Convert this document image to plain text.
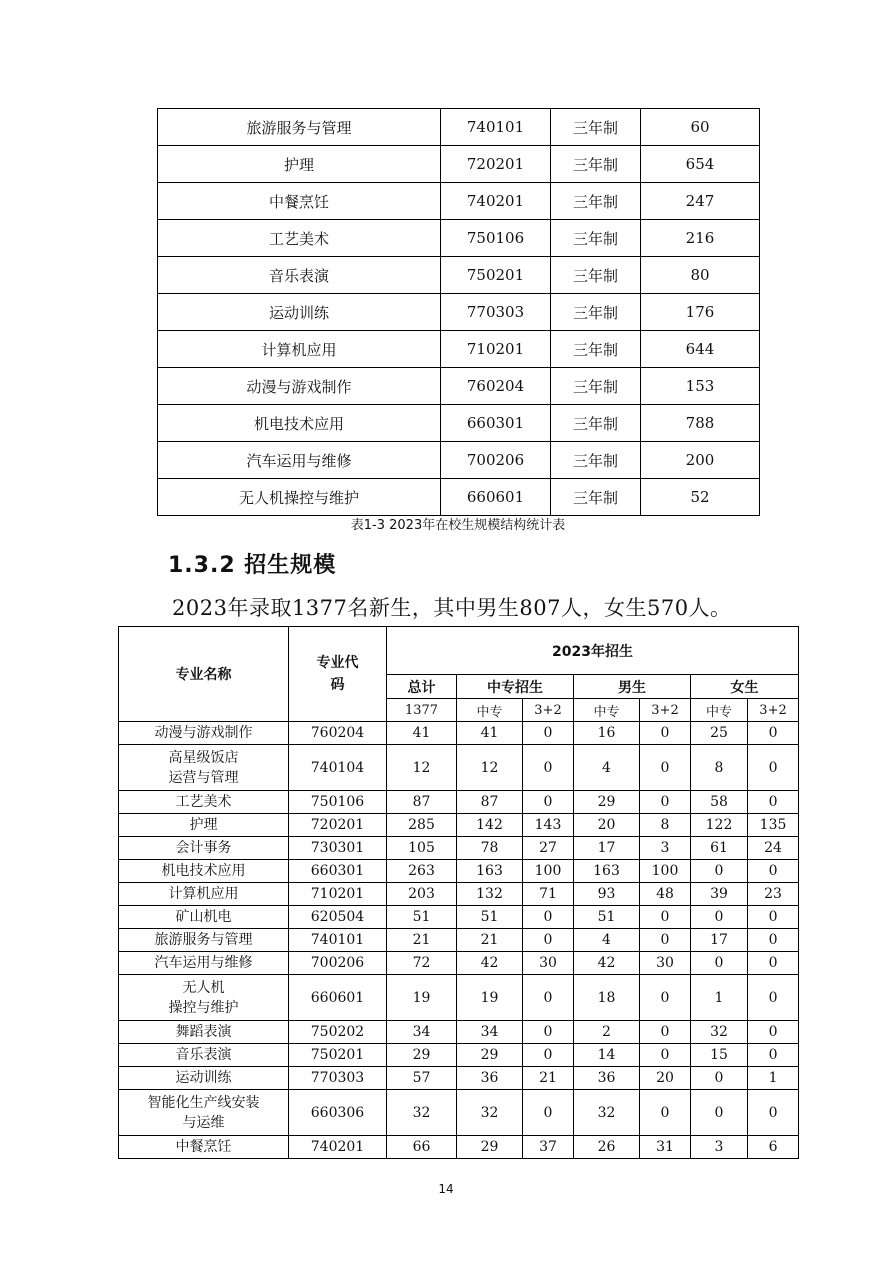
旅游服务与管理	740101	三年制	60
护理	720201	三年制	654
中餐烹饪	740201	三年制	247
工艺美术	750106	三年制	216
音乐表演	750201	三年制	80
运动训练	770303	三年制	176
计算机应用	710201	三年制	644
动漫与游戏制作	760204	三年制	153
机电技术应用	660301	三年制	788
汽车运用与维修	700206	三年制	200
无人机操控与维护	660601	三年制	52
表1-3 2023年在校生规模结构统计表
1.3.2 招生规模
2023年录取1377名新生，其中男生807人，女生570人。
专业名称	专业代码	2023年招生						
		总计	中专招生		男生		女生	
		1377	中专	3+2	中专	3+2	中专	3+2
动漫与游戏制作	760204	41	41	0	16	0	25	0
高星级饭店
运营与管理	740104	12	12	0	4	0	8	0
工艺美术	750106	87	87	0	29	0	58	0
护理	720201	285	142	143	20	8	122	135
会计事务	730301	105	78	27	17	3	61	24
机电技术应用	660301	263	163	100	163	100	0	0
计算机应用	710201	203	132	71	93	48	39	23
矿山机电	620504	51	51	0	51	0	0	0
旅游服务与管理	740101	21	21	0	4	0	17	0
汽车运用与维修	700206	72	42	30	42	30	0	0
无人机
操控与维护	660601	19	19	0	18	0	1	0
舞蹈表演	750202	34	34	0	2	0	32	0
音乐表演	750201	29	29	0	14	0	15	0
运动训练	770303	57	36	21	36	20	0	1
智能化生产线安装
与运维	660306	32	32	0	32	0	0	0
中餐烹饪	740201	66	29	37	26	31	3	6
14
